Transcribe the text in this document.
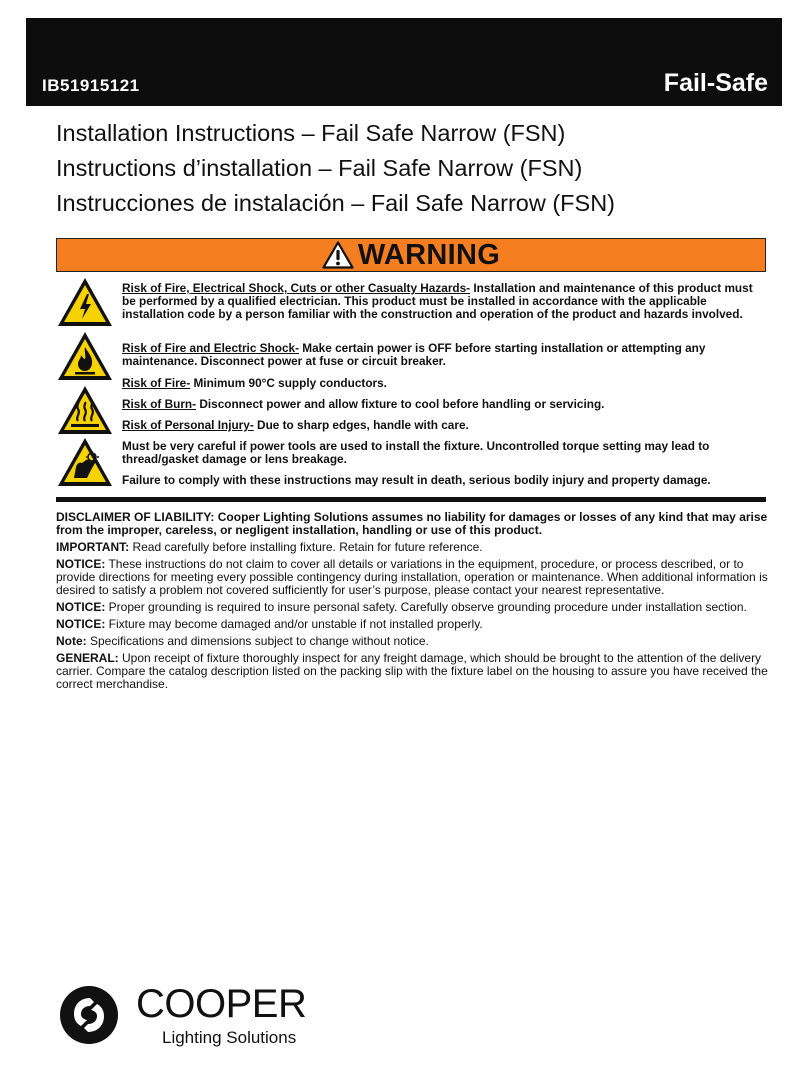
IB51915121	Fail-Safe
Installation Instructions – Fail Safe Narrow (FSN)
Instructions d’installation – Fail Safe Narrow (FSN)
Instrucciones de instalación – Fail Safe Narrow (FSN)
WARNING
Risk of Fire, Electrical Shock, Cuts or other Casualty Hazards- Installation and maintenance of this product must be performed by a qualified electrician. This product must be installed in accordance with the applicable installation code by a person familiar with the construction and operation of the product and hazards involved.
Risk of Fire and Electric Shock- Make certain power is OFF before starting installation or attempting any maintenance. Disconnect power at fuse or circuit breaker.
Risk of Fire- Minimum 90°C supply conductors.
Risk of Burn- Disconnect power and allow fixture to cool before handling or servicing.
Risk of Personal Injury- Due to sharp edges, handle with care.
Must be very careful if power tools are used to install the fixture. Uncontrolled torque setting may lead to thread/gasket damage or lens breakage.
Failure to comply with these instructions may result in death, serious bodily injury and property damage.

DISCLAIMER OF LIABILITY: Cooper Lighting Solutions assumes no liability for damages or losses of any kind that may arise from the improper, careless, or negligent installation, handling or use of this product.

IMPORTANT: Read carefully before installing fixture. Retain for future reference.

NOTICE: These instructions do not claim to cover all details or variations in the equipment, procedure, or process described, or to provide directions for meeting every possible contingency during installation, operation or maintenance. When additional information is desired to satisfy a problem not covered sufficiently for user’s purpose, please contact your nearest representative.

NOTICE: Proper grounding is required to insure personal safety. Carefully observe grounding procedure under installation section.

NOTICE: Fixture may become damaged and/or unstable if not installed properly.

Note: Specifications and dimensions subject to change without notice.

GENERAL: Upon receipt of fixture thoroughly inspect for any freight damage, which should be brought to the attention of the delivery carrier. Compare the catalog description listed on the packing slip with the fixture label on the housing to assure you have received the correct merchandise.

COOPER
Lighting Solutions
